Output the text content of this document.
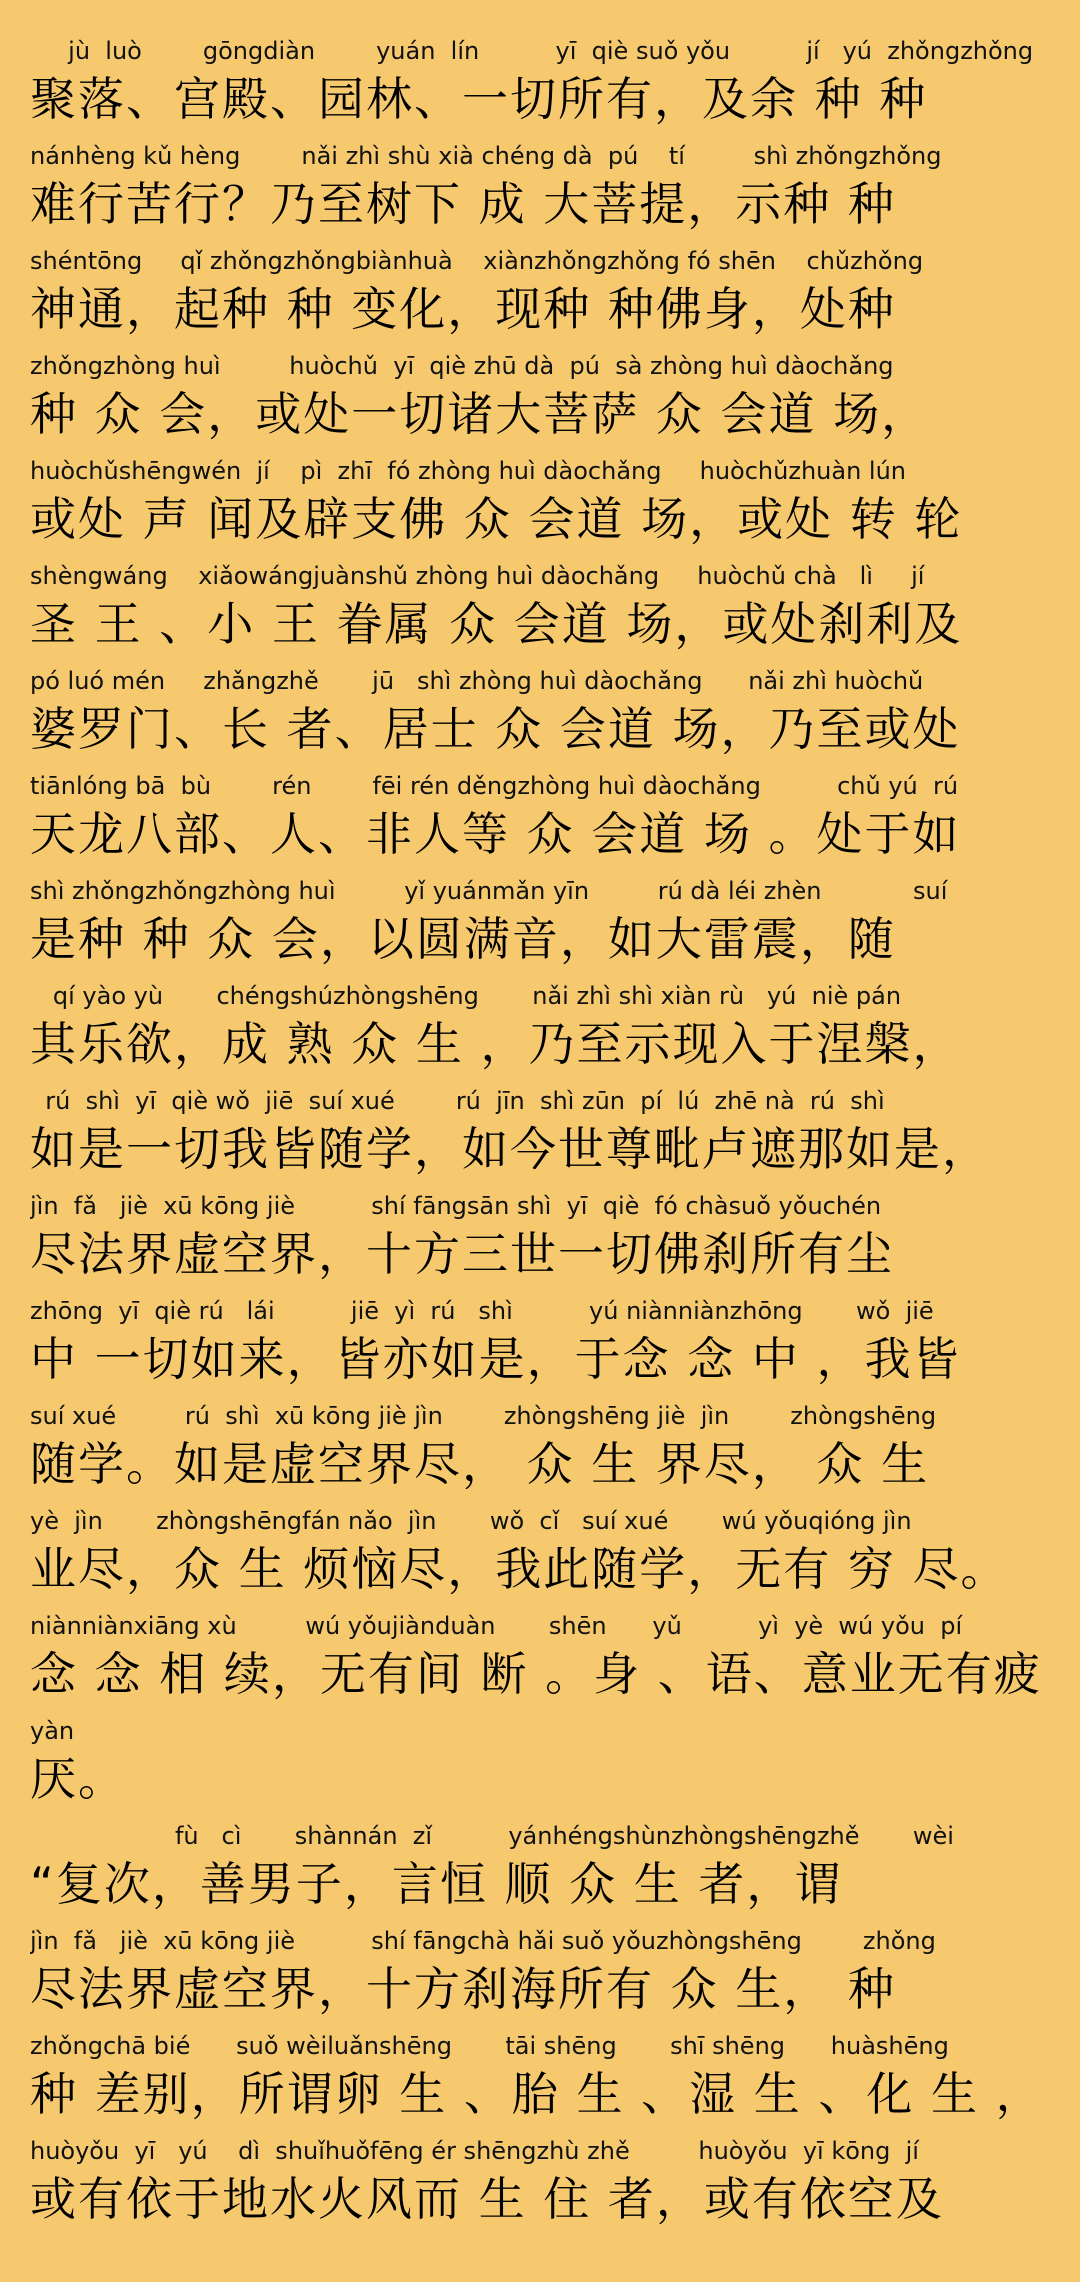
jù  luò        gōngdiàn        yuán  lín          yī  qiè suǒ yǒu          jí   yú  zhǒngzhǒng
聚落、宫殿、园林、一切所有，及余 种 种
nánhèng kǔ hèng        nǎi zhì shù xià chéng dà  pú    tí         shì zhǒngzhǒng
难行苦行？乃至树下 成 大菩提，示种 种
shéntōng     qǐ zhǒngzhǒngbiànhuà    xiànzhǒngzhǒng fó shēn    chǔzhǒng
神通，起种 种 变化，现种 种佛身，处种
zhǒngzhòng huì         huòchǔ  yī  qiè zhū dà  pú  sà zhòng huì dàochǎng
种 众 会，或处一切诸大菩萨 众 会道 场，
huòchǔshēngwén  jí    pì  zhī  fó zhòng huì dàochǎng     huòchǔzhuàn lún
或处 声 闻及辟支佛 众 会道 场，或处 转 轮
shèngwáng    xiǎowángjuànshǔ zhòng huì dàochǎng     huòchǔ chà   lì     jí
圣 王 、小 王 眷属 众 会道 场，或处刹利及
pó luó mén     zhǎngzhě       jū   shì zhòng huì dàochǎng      nǎi zhì huòchǔ
婆罗门、长 者、居士 众 会道 场，乃至或处
tiānlóng bā  bù        rén        fēi rén děngzhòng huì dàochǎng          chǔ yú  rú
天龙八部、人、非人等 众 会道 场 。处于如
shì zhǒngzhǒngzhòng huì         yǐ yuánmǎn yīn         rú dà léi zhèn            suí
是种 种 众 会，以圆满音，如大雷震，随
qí yào yù       chéngshúzhòngshēng       nǎi zhì shì xiàn rù   yú  niè pán
其乐欲，成 熟 众 生 ，乃至示现入于涅槃，
rú  shì  yī  qiè wǒ  jiē  suí xué        rú  jīn  shì zūn  pí  lú  zhē nà  rú  shì
如是一切我皆随学，如今世尊毗卢遮那如是，
jìn  fǎ   jiè  xū kōng jiè          shí fāngsān shì  yī  qiè  fó chàsuǒ yǒuchén
尽法界虚空界，十方三世一切佛刹所有尘
zhōng  yī  qiè rú   lái          jiē  yì  rú   shì          yú niànniànzhōng       wǒ  jiē
中 一切如来，皆亦如是，于念 念 中 ，我皆
suí xué         rú  shì  xū kōng jiè jìn        zhòngshēng jiè  jìn        zhòngshēng
随学。如是虚空界尽， 众 生 界尽， 众 生
yè  jìn       zhòngshēngfán nǎo  jìn       wǒ  cǐ   suí xué       wú yǒuqióng jìn
业尽，众 生 烦恼尽，我此随学，无有 穷 尽。
niànniànxiāng xù         wú yǒujiànduàn       shēn      yǔ          yì  yè  wú yǒu  pí
念 念 相 续，无有间 断 。身 、语、意业无有疲
yàn
厌。
fù   cì       shànnán  zǐ          yánhéngshùnzhòngshēngzhě       wèi
“复次，善男子，言恒 顺 众 生 者，谓
jìn  fǎ   jiè  xū kōng jiè          shí fāngchà hǎi suǒ yǒuzhòngshēng        zhǒng
尽法界虚空界，十方刹海所有 众 生， 种
zhǒngchā bié      suǒ wèiluǎnshēng       tāi shēng       shī shēng      huàshēng
种 差别，所谓卵 生 、胎 生 、湿 生 、化 生 ，
huòyǒu  yī   yú    dì  shuǐhuǒfēng ér shēngzhù zhě         huòyǒu  yī kōng  jí
或有依于地水火风而 生 住 者，或有依空及
